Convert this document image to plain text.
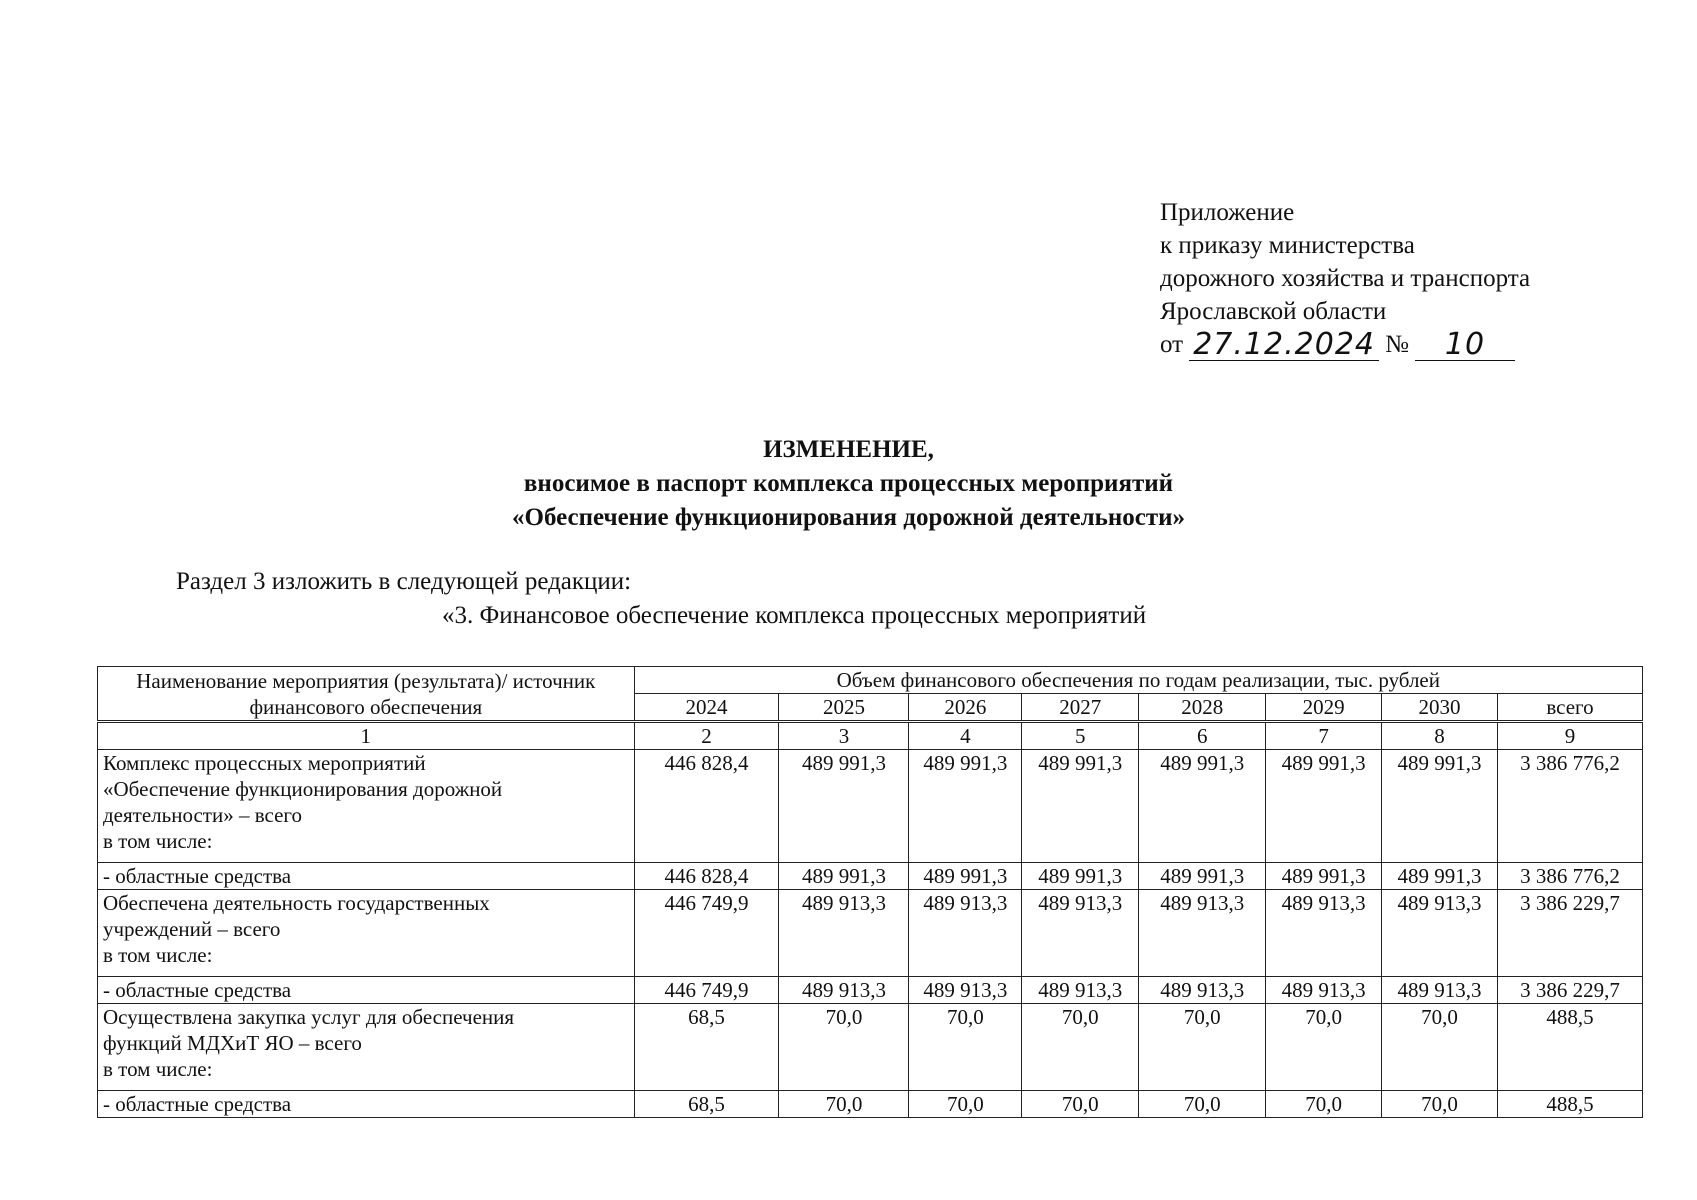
Приложение
к приказу министерства
дорожного хозяйства и транспорта
Ярославской области
от 27.12.2024 №	10
ИЗМЕНЕНИЕ,
вносимое в паспорт комплекса процессных мероприятий
«Обеспечение функционирования дорожной деятельности»
Раздел 3 изложить в следующей редакции:
«3. Финансовое обеспечение комплекса процессных мероприятий
Наименование мероприятия (результата)/ источник финансового обеспечения	Объем финансового обеспечения по годам реализации, тыс. рублей							
	2024	2025	2026	2027	2028	2029	2030	всего
1	2	3	4	5	6	7	8	9

Комплекс процессных мероприятий
«Обеспечение функционирования дорожной
деятельности» – всего
в том числе:	446 828,4	489 991,3	489 991,3	489 991,3	489 991,3	489 991,3	489 991,3	3 386 776,2
- областные средства	446 828,4	489 991,3	489 991,3	489 991,3	489 991,3	489 991,3	489 991,3	3 386 776,2

Обеспечена деятельность государственных
учреждений – всего
в том числе:	446 749,9	489 913,3	489 913,3	489 913,3	489 913,3	489 913,3	489 913,3	3 386 229,7
- областные средства	446 749,9	489 913,3	489 913,3	489 913,3	489 913,3	489 913,3	489 913,3	3 386 229,7

Осуществлена закупка услуг для обеспечения
функций МДХиТ ЯО – всего
в том числе:	68,5	70,0	70,0	70,0	70,0	70,0	70,0	488,5
- областные средства	68,5	70,0	70,0	70,0	70,0	70,0	70,0	488,5
